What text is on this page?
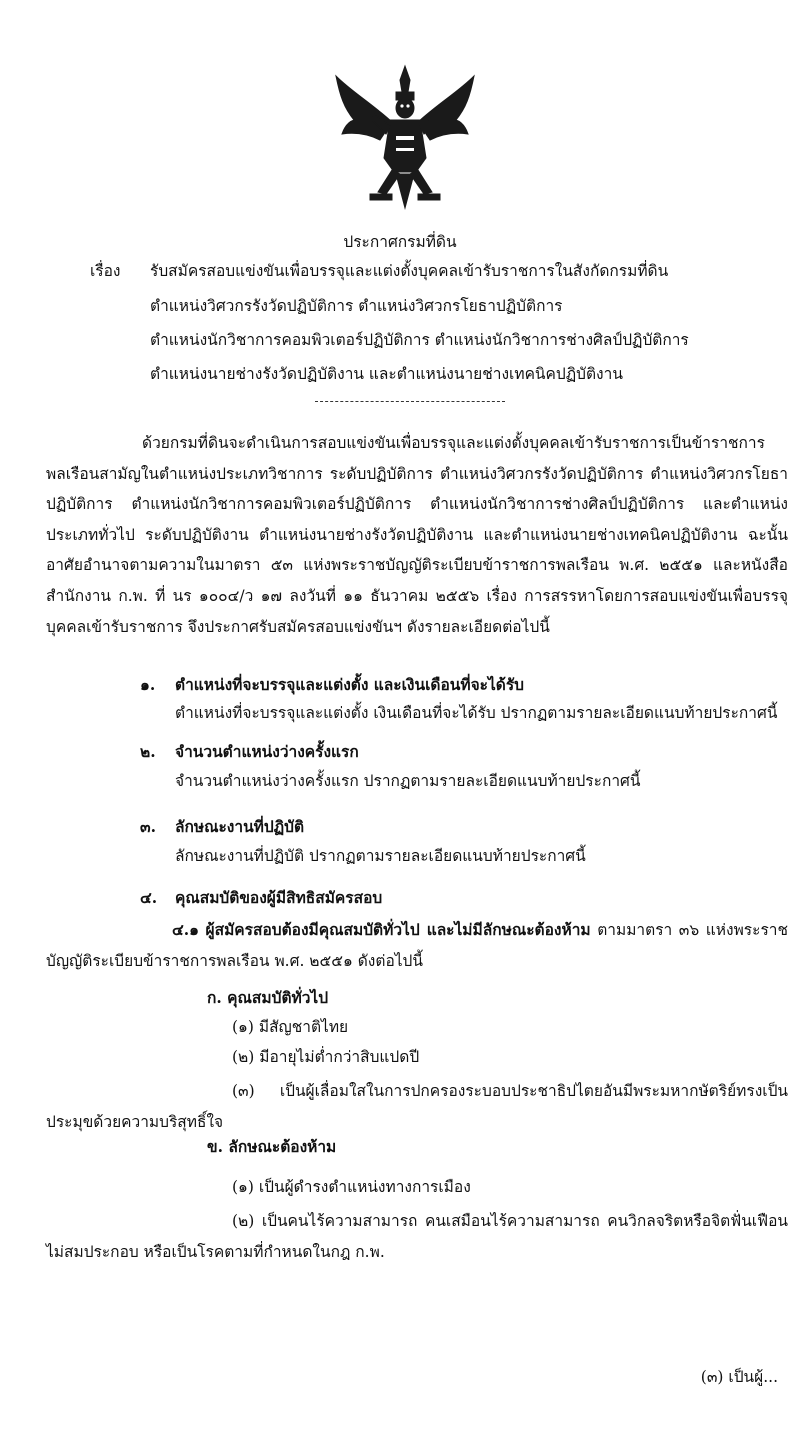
ประกาศกรมที่ดิน
เรื่อง รับสมัครสอบแข่งขันเพื่อบรรจุและแต่งตั้งบุคคลเข้ารับราชการในสังกัดกรมที่ดิน
ตำแหน่งวิศวกรรังวัดปฏิบัติการ ตำแหน่งวิศวกรโยธาปฏิบัติการ
ตำแหน่งนักวิชาการคอมพิวเตอร์ปฏิบัติการ ตำแหน่งนักวิชาการช่างศิลป์ปฏิบัติการ
ตำแหน่งนายช่างรังวัดปฏิบัติงาน และตำแหน่งนายช่างเทคนิคปฏิบัติงาน

ด้วยกรมที่ดินจะดำเนินการสอบแข่งขันเพื่อบรรจุและแต่งตั้งบุคคลเข้ารับราชการเป็นข้าราชการพลเรือนสามัญในตำแหน่งประเภทวิชาการ ระดับปฏิบัติการ ตำแหน่งวิศวกรรังวัดปฏิบัติการ ตำแหน่งวิศวกรโยธาปฏิบัติการ ตำแหน่งนักวิชาการคอมพิวเตอร์ปฏิบัติการ ตำแหน่งนักวิชาการช่างศิลป์ปฏิบัติการ และตำแหน่งประเภททั่วไป ระดับปฏิบัติงาน ตำแหน่งนายช่างรังวัดปฏิบัติงาน และตำแหน่งนายช่างเทคนิคปฏิบัติงาน ฉะนั้น อาศัยอำนาจตามความในมาตรา ๕๓ แห่งพระราชบัญญัติระเบียบข้าราชการพลเรือน พ.ศ. ๒๕๕๑ และหนังสือสำนักงาน ก.พ. ที่ นร ๑๐๐๔/ว ๑๗ ลงวันที่ ๑๑ ธันวาคม ๒๕๕๖ เรื่อง การสรรหาโดยการสอบแข่งขันเพื่อบรรจุบุคคลเข้ารับราชการ จึงประกาศรับสมัครสอบแข่งขันฯ ดังรายละเอียดต่อไปนี้

๑. ตำแหน่งที่จะบรรจุและแต่งตั้ง และเงินเดือนที่จะได้รับ
ตำแหน่งที่จะบรรจุและแต่งตั้ง เงินเดือนที่จะได้รับ ปรากฏตามรายละเอียดแนบท้ายประกาศนี้
๒. จำนวนตำแหน่งว่างครั้งแรก
จำนวนตำแหน่งว่างครั้งแรก ปรากฏตามรายละเอียดแนบท้ายประกาศนี้
๓. ลักษณะงานที่ปฏิบัติ
ลักษณะงานที่ปฏิบัติ ปรากฏตามรายละเอียดแนบท้ายประกาศนี้
๔. คุณสมบัติของผู้มีสิทธิสมัครสอบ

๔.๑ ผู้สมัครสอบต้องมีคุณสมบัติทั่วไป และไม่มีลักษณะต้องห้าม ตามมาตรา ๓๖ แห่งพระราชบัญญัติระเบียบข้าราชการพลเรือน พ.ศ. ๒๕๕๑ ดังต่อไปนี้

ก. คุณสมบัติทั่วไป
(๑) มีสัญชาติไทย
(๒) มีอายุไม่ต่ำกว่าสิบแปดปี

(๓) เป็นผู้เลื่อมใสในการปกครองระบอบประชาธิปไตยอันมีพระมหากษัตริย์ทรงเป็นประมุขด้วยความบริสุทธิ์ใจ

ข. ลักษณะต้องห้าม
(๑) เป็นผู้ดำรงตำแหน่งทางการเมือง

(๒) เป็นคนไร้ความสามารถ คนเสมือนไร้ความสามารถ คนวิกลจริตหรือจิตฟั่นเฟือนไม่สมประกอบ หรือเป็นโรคตามที่กำหนดในกฎ ก.พ.

(๓) เป็นผู้...
